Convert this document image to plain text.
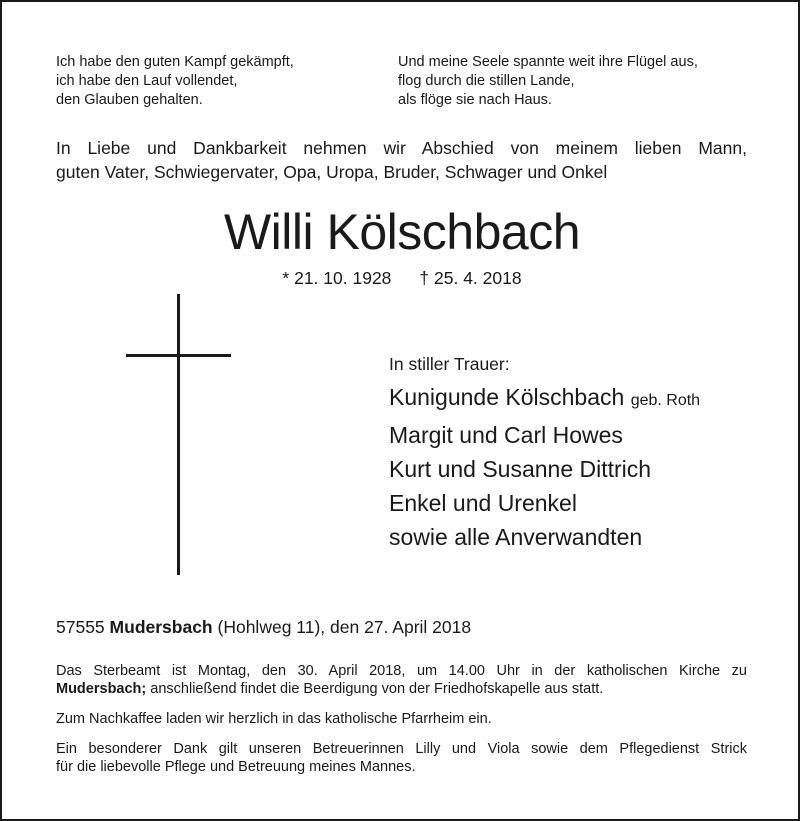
Ich habe den guten Kampf gekämpft,
ich habe den Lauf vollendet,
den Glauben gehalten.
Und meine Seele spannte weit ihre Flügel aus,
flog durch die stillen Lande,
als flöge sie nach Haus.
In Liebe und Dankbarkeit nehmen wir Abschied von meinem lieben Mann,
guten Vater, Schwiegervater, Opa, Uropa, Bruder, Schwager und Onkel
Willi Kölschbach
* 21. 10. 1928 † 25. 4. 2018
In stiller Trauer:
Kunigunde Kölschbach geb. Roth
Margit und Carl Howes
Kurt und Susanne Dittrich
Enkel und Urenkel
sowie alle Anverwandten
57555 Mudersbach (Hohlweg 11), den 27. April 2018
Das Sterbeamt ist Montag, den 30. April 2018, um 14.00 Uhr in der katholischen Kirche zu
Mudersbach; anschließend findet die Beerdigung von der Friedhofskapelle aus statt.
Zum Nachkaffee laden wir herzlich in das katholische Pfarrheim ein.
Ein besonderer Dank gilt unseren Betreuerinnen Lilly und Viola sowie dem Pflegedienst Strick
für die liebevolle Pflege und Betreuung meines Mannes.
